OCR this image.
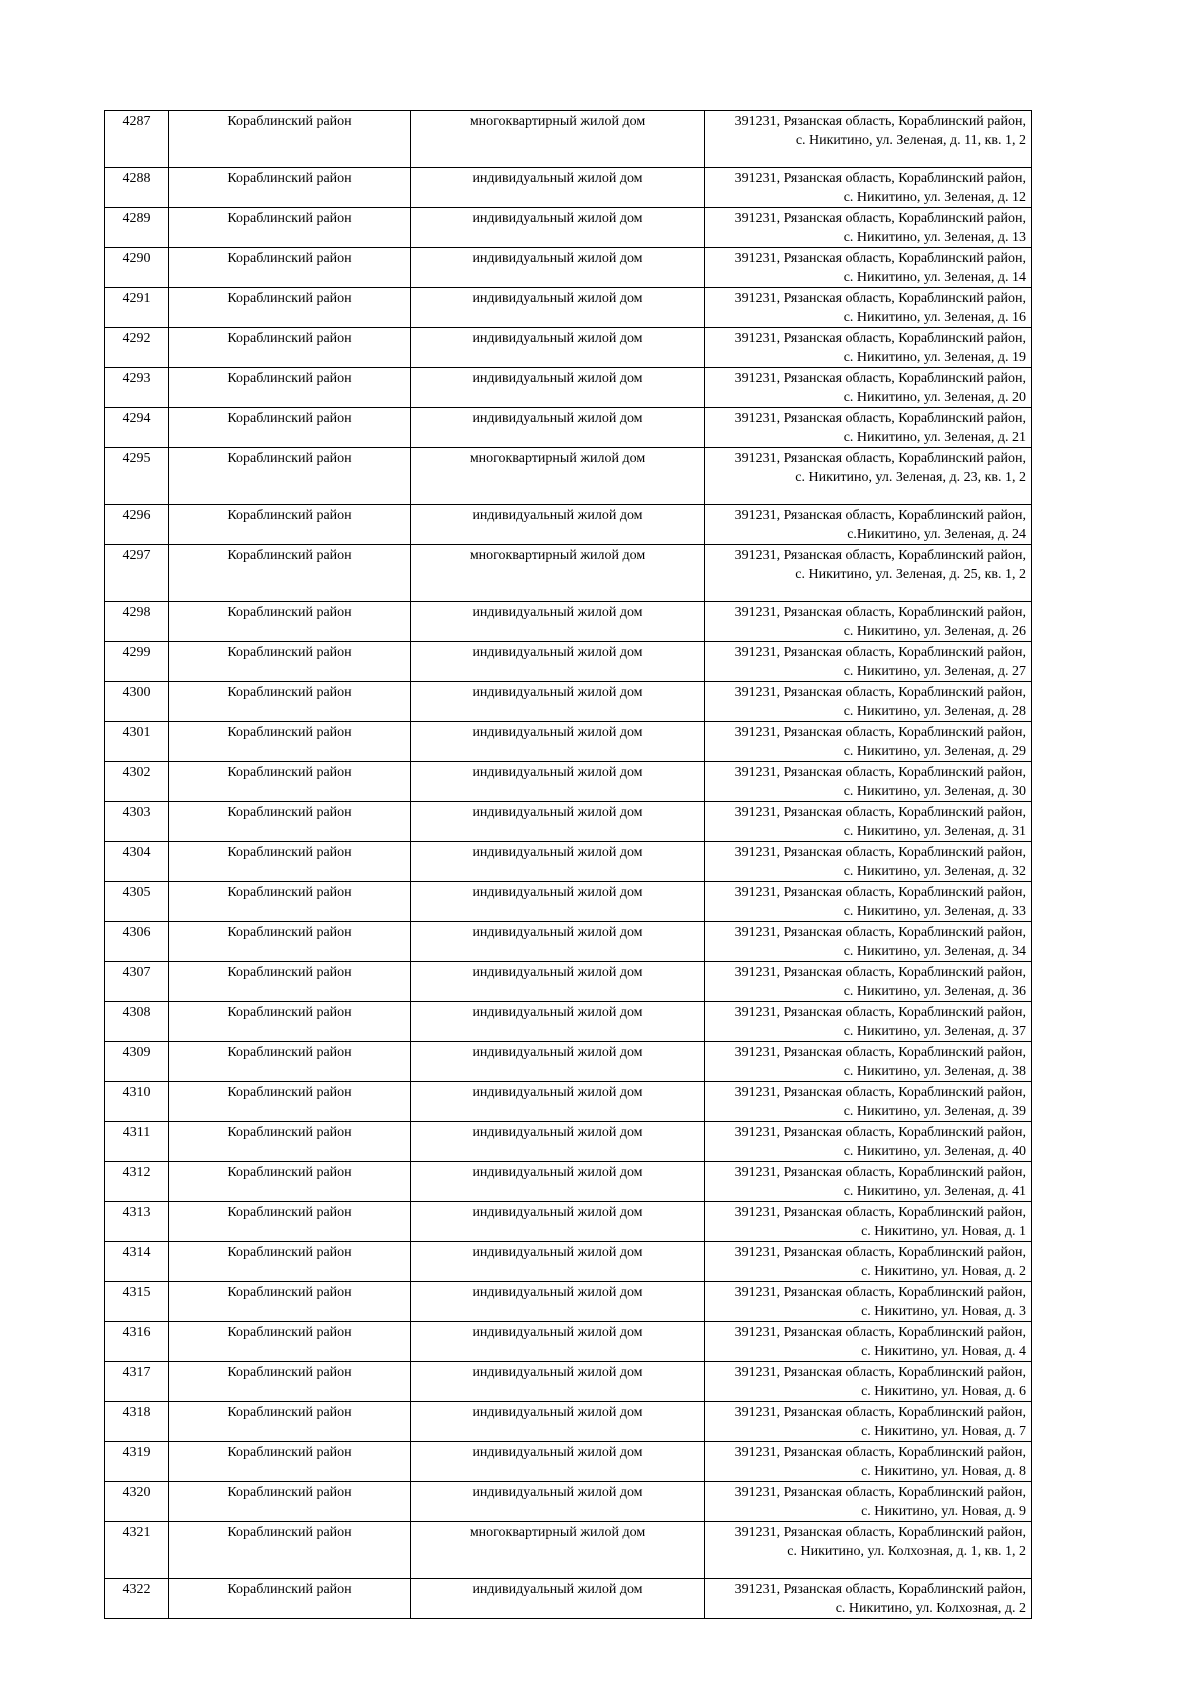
4287	Кораблинский район	многоквартирный жилой дом	391231, Рязанская область, Кораблинский район,
с. Никитино, ул. Зеленая, д. 11, кв. 1, 2

4288	Кораблинский район	индивидуальный жилой дом	391231, Рязанская область, Кораблинский район,
с. Никитино, ул. Зеленая, д. 12

4289	Кораблинский район	индивидуальный жилой дом	391231, Рязанская область, Кораблинский район,
с. Никитино, ул. Зеленая, д. 13

4290	Кораблинский район	индивидуальный жилой дом	391231, Рязанская область, Кораблинский район,
с. Никитино, ул. Зеленая, д. 14

4291	Кораблинский район	индивидуальный жилой дом	391231, Рязанская область, Кораблинский район,
с. Никитино, ул. Зеленая, д. 16

4292	Кораблинский район	индивидуальный жилой дом	391231, Рязанская область, Кораблинский район,
с. Никитино, ул. Зеленая, д. 19

4293	Кораблинский район	индивидуальный жилой дом	391231, Рязанская область, Кораблинский район,
с. Никитино, ул. Зеленая, д. 20

4294	Кораблинский район	индивидуальный жилой дом	391231, Рязанская область, Кораблинский район,
с. Никитино, ул. Зеленая, д. 21

4295	Кораблинский район	многоквартирный жилой дом	391231, Рязанская область, Кораблинский район,
с. Никитино, ул. Зеленая, д. 23, кв. 1, 2

4296	Кораблинский район	индивидуальный жилой дом	391231, Рязанская область, Кораблинский район,
с.Никитино, ул. Зеленая, д. 24

4297	Кораблинский район	многоквартирный жилой дом	391231, Рязанская область, Кораблинский район,
с. Никитино, ул. Зеленая, д. 25, кв. 1, 2

4298	Кораблинский район	индивидуальный жилой дом	391231, Рязанская область, Кораблинский район,
с. Никитино, ул. Зеленая, д. 26

4299	Кораблинский район	индивидуальный жилой дом	391231, Рязанская область, Кораблинский район,
с. Никитино, ул. Зеленая, д. 27

4300	Кораблинский район	индивидуальный жилой дом	391231, Рязанская область, Кораблинский район,
с. Никитино, ул. Зеленая, д. 28

4301	Кораблинский район	индивидуальный жилой дом	391231, Рязанская область, Кораблинский район,
с. Никитино, ул. Зеленая, д. 29

4302	Кораблинский район	индивидуальный жилой дом	391231, Рязанская область, Кораблинский район,
с. Никитино, ул. Зеленая, д. 30

4303	Кораблинский район	индивидуальный жилой дом	391231, Рязанская область, Кораблинский район,
с. Никитино, ул. Зеленая, д. 31

4304	Кораблинский район	индивидуальный жилой дом	391231, Рязанская область, Кораблинский район,
с. Никитино, ул. Зеленая, д. 32

4305	Кораблинский район	индивидуальный жилой дом	391231, Рязанская область, Кораблинский район,
с. Никитино, ул. Зеленая, д. 33

4306	Кораблинский район	индивидуальный жилой дом	391231, Рязанская область, Кораблинский район,
с. Никитино, ул. Зеленая, д. 34

4307	Кораблинский район	индивидуальный жилой дом	391231, Рязанская область, Кораблинский район,
с. Никитино, ул. Зеленая, д. 36

4308	Кораблинский район	индивидуальный жилой дом	391231, Рязанская область, Кораблинский район,
с. Никитино, ул. Зеленая, д. 37

4309	Кораблинский район	индивидуальный жилой дом	391231, Рязанская область, Кораблинский район,
с. Никитино, ул. Зеленая, д. 38

4310	Кораблинский район	индивидуальный жилой дом	391231, Рязанская область, Кораблинский район,
с. Никитино, ул. Зеленая, д. 39

4311	Кораблинский район	индивидуальный жилой дом	391231, Рязанская область, Кораблинский район,
с. Никитино, ул. Зеленая, д. 40

4312	Кораблинский район	индивидуальный жилой дом	391231, Рязанская область, Кораблинский район,
с. Никитино, ул. Зеленая, д. 41

4313	Кораблинский район	индивидуальный жилой дом	391231, Рязанская область, Кораблинский район,
с. Никитино, ул. Новая, д. 1

4314	Кораблинский район	индивидуальный жилой дом	391231, Рязанская область, Кораблинский район,
с. Никитино, ул. Новая, д. 2

4315	Кораблинский район	индивидуальный жилой дом	391231, Рязанская область, Кораблинский район,
с. Никитино, ул. Новая, д. 3

4316	Кораблинский район	индивидуальный жилой дом	391231, Рязанская область, Кораблинский район,
с. Никитино, ул. Новая, д. 4

4317	Кораблинский район	индивидуальный жилой дом	391231, Рязанская область, Кораблинский район,
с. Никитино, ул. Новая, д. 6

4318	Кораблинский район	индивидуальный жилой дом	391231, Рязанская область, Кораблинский район,
с. Никитино, ул. Новая, д. 7

4319	Кораблинский район	индивидуальный жилой дом	391231, Рязанская область, Кораблинский район,
с. Никитино, ул. Новая, д. 8

4320	Кораблинский район	индивидуальный жилой дом	391231, Рязанская область, Кораблинский район,
с. Никитино, ул. Новая, д. 9

4321	Кораблинский район	многоквартирный жилой дом	391231, Рязанская область, Кораблинский район,
с. Никитино, ул. Колхозная, д. 1, кв. 1, 2

4322	Кораблинский район	индивидуальный жилой дом	391231, Рязанская область, Кораблинский район,
с. Никитино, ул. Колхозная, д. 2
